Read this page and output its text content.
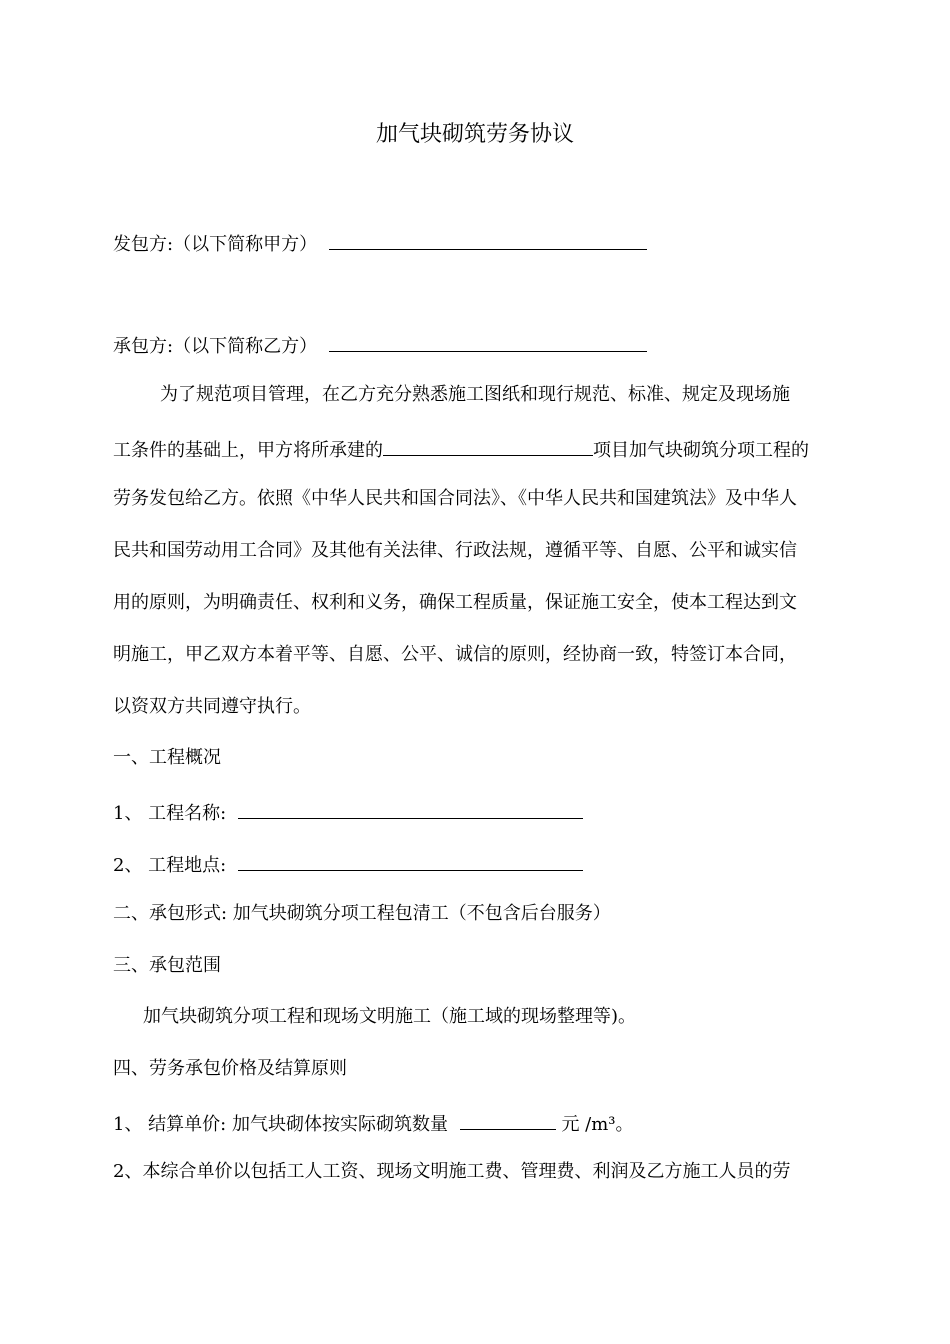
加气块砌筑劳务协议
发包方:（以下简称甲方）
承包方:（以下简称乙方）
为了规范项目管理，在乙方充分熟悉施工图纸和现行规范、标准、规定及现场施
工条件的基础上，甲方将所承建的	项目加气块砌筑分项工程的
劳务发包给乙方。依照《中华人民共和国合同法》、《中华人民共和国建筑法》及中华人
民共和国劳动用工合同》及其他有关法律、行政法规，遵循平等、自愿、公平和诚实信
用的原则，为明确责任、权利和义务，确保工程质量，保证施工安全，使本工程达到文
明施工，甲乙双方本着平等、自愿、公平、诚信的原则，经协商一致，特签订本合同，
以资双方共同遵守执行。
一、工程概况
1、 工程名称:
2、 工程地点:
二、承包形式: 加气块砌筑分项工程包清工（不包含后台服务）
三、承包范围
加气块砌筑分项工程和现场文明施工（施工域的现场整理等)。
四、劳务承包价格及结算原则
1、 结算单价: 加气块砌体按实际砌筑数量	元 /m³。
2、本综合单价以包括工人工资、现场文明施工费、管理费、利润及乙方施工人员的劳
